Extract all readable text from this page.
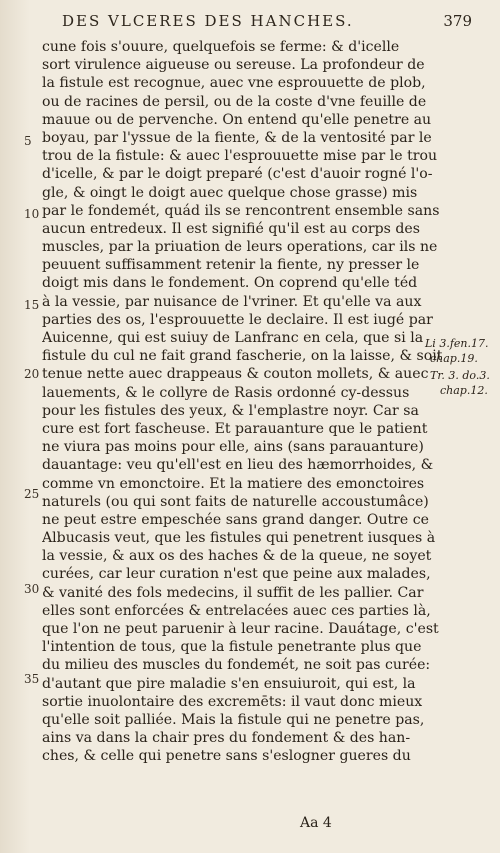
DES VLCERES DES HANCHES.	379
cune fois s'ouure, quelquefois se ferme: & d'icelle
sort virulence aigueuse ou sereuse. La profondeur de
la fistule est recognue, auec vne esprouuette de plob,
ou de racines de persil, ou de la coste d'vne feuille de
mauue ou de pervenche. On entend qu'elle penetre au
boyau, par l'yssue de la fiente, & de la ventosité par le
trou de la fistule: & auec l'esprouuette mise par le trou
d'icelle, & par le doigt preparé (c'est d'auoir rogné l'o-
gle, & oingt le doigt auec quelque chose grasse) mis
par le fondemét, quád ils se rencontrent ensemble sans
aucun entredeux. Il est signifié qu'il est au corps des
muscles, par la priuation de leurs operations, car ils ne
peuuent suffisamment retenir la fiente, ny presser le
doigt mis dans le fondement. On coprend qu'elle téd
à la vessie, par nuisance de l'vriner. Et qu'elle va aux
parties des os, l'esprouuette le declaire. Il est iugé par
Auicenne, qui est suiuy de Lanfranc en cela, que si la
fistule du cul ne fait grand fascherie, on la laisse, & soit
tenue nette auec drappeaus & couton mollets, & auec
lauements, & le collyre de Rasis ordonné cy-dessus
pour les fistules des yeux, & l'emplastre noyr. Car sa
cure est fort fascheuse. Et parauanture que le patient
ne viura pas moins pour elle, ains (sans parauanture)
dauantage: veu qu'ell'est en lieu des hæmorrhoides, &
comme vn emonctoire. Et la matiere des emonctoires
naturels (ou qui sont faits de naturelle accoustumâce)
ne peut estre empeschée sans grand danger. Outre ce
Albucasis veut, que les fistules qui penetrent iusques à
la vessie, & aux os des haches & de la queue, ne soyet
curées, car leur curation n'est que peine aux malades,
& vanité des fols medecins, il suffit de les pallier. Car
elles sont enforcées & entrelacées auec ces parties là,
que l'on ne peut paruenir à leur racine. Dauátage, c'est
l'intention de tous, que la fistule penetrante plus que
du milieu des muscles du fondemét, ne soit pas curée:
d'autant que pire maladie s'en ensuiuroit, qui est, la
sortie inuolontaire des excremēts: il vaut donc mieux
qu'elle soit palliée. Mais la fistule qui ne penetre pas,
ains va dans la chair pres du fondement & des han-
ches, & celle qui penetre sans s'eslogner gueres du
5
10
15
20
25
30
35
Li 3.fen.17.
chap.19.
Tr. 3. do.3.
chap.12.
Aa 4
